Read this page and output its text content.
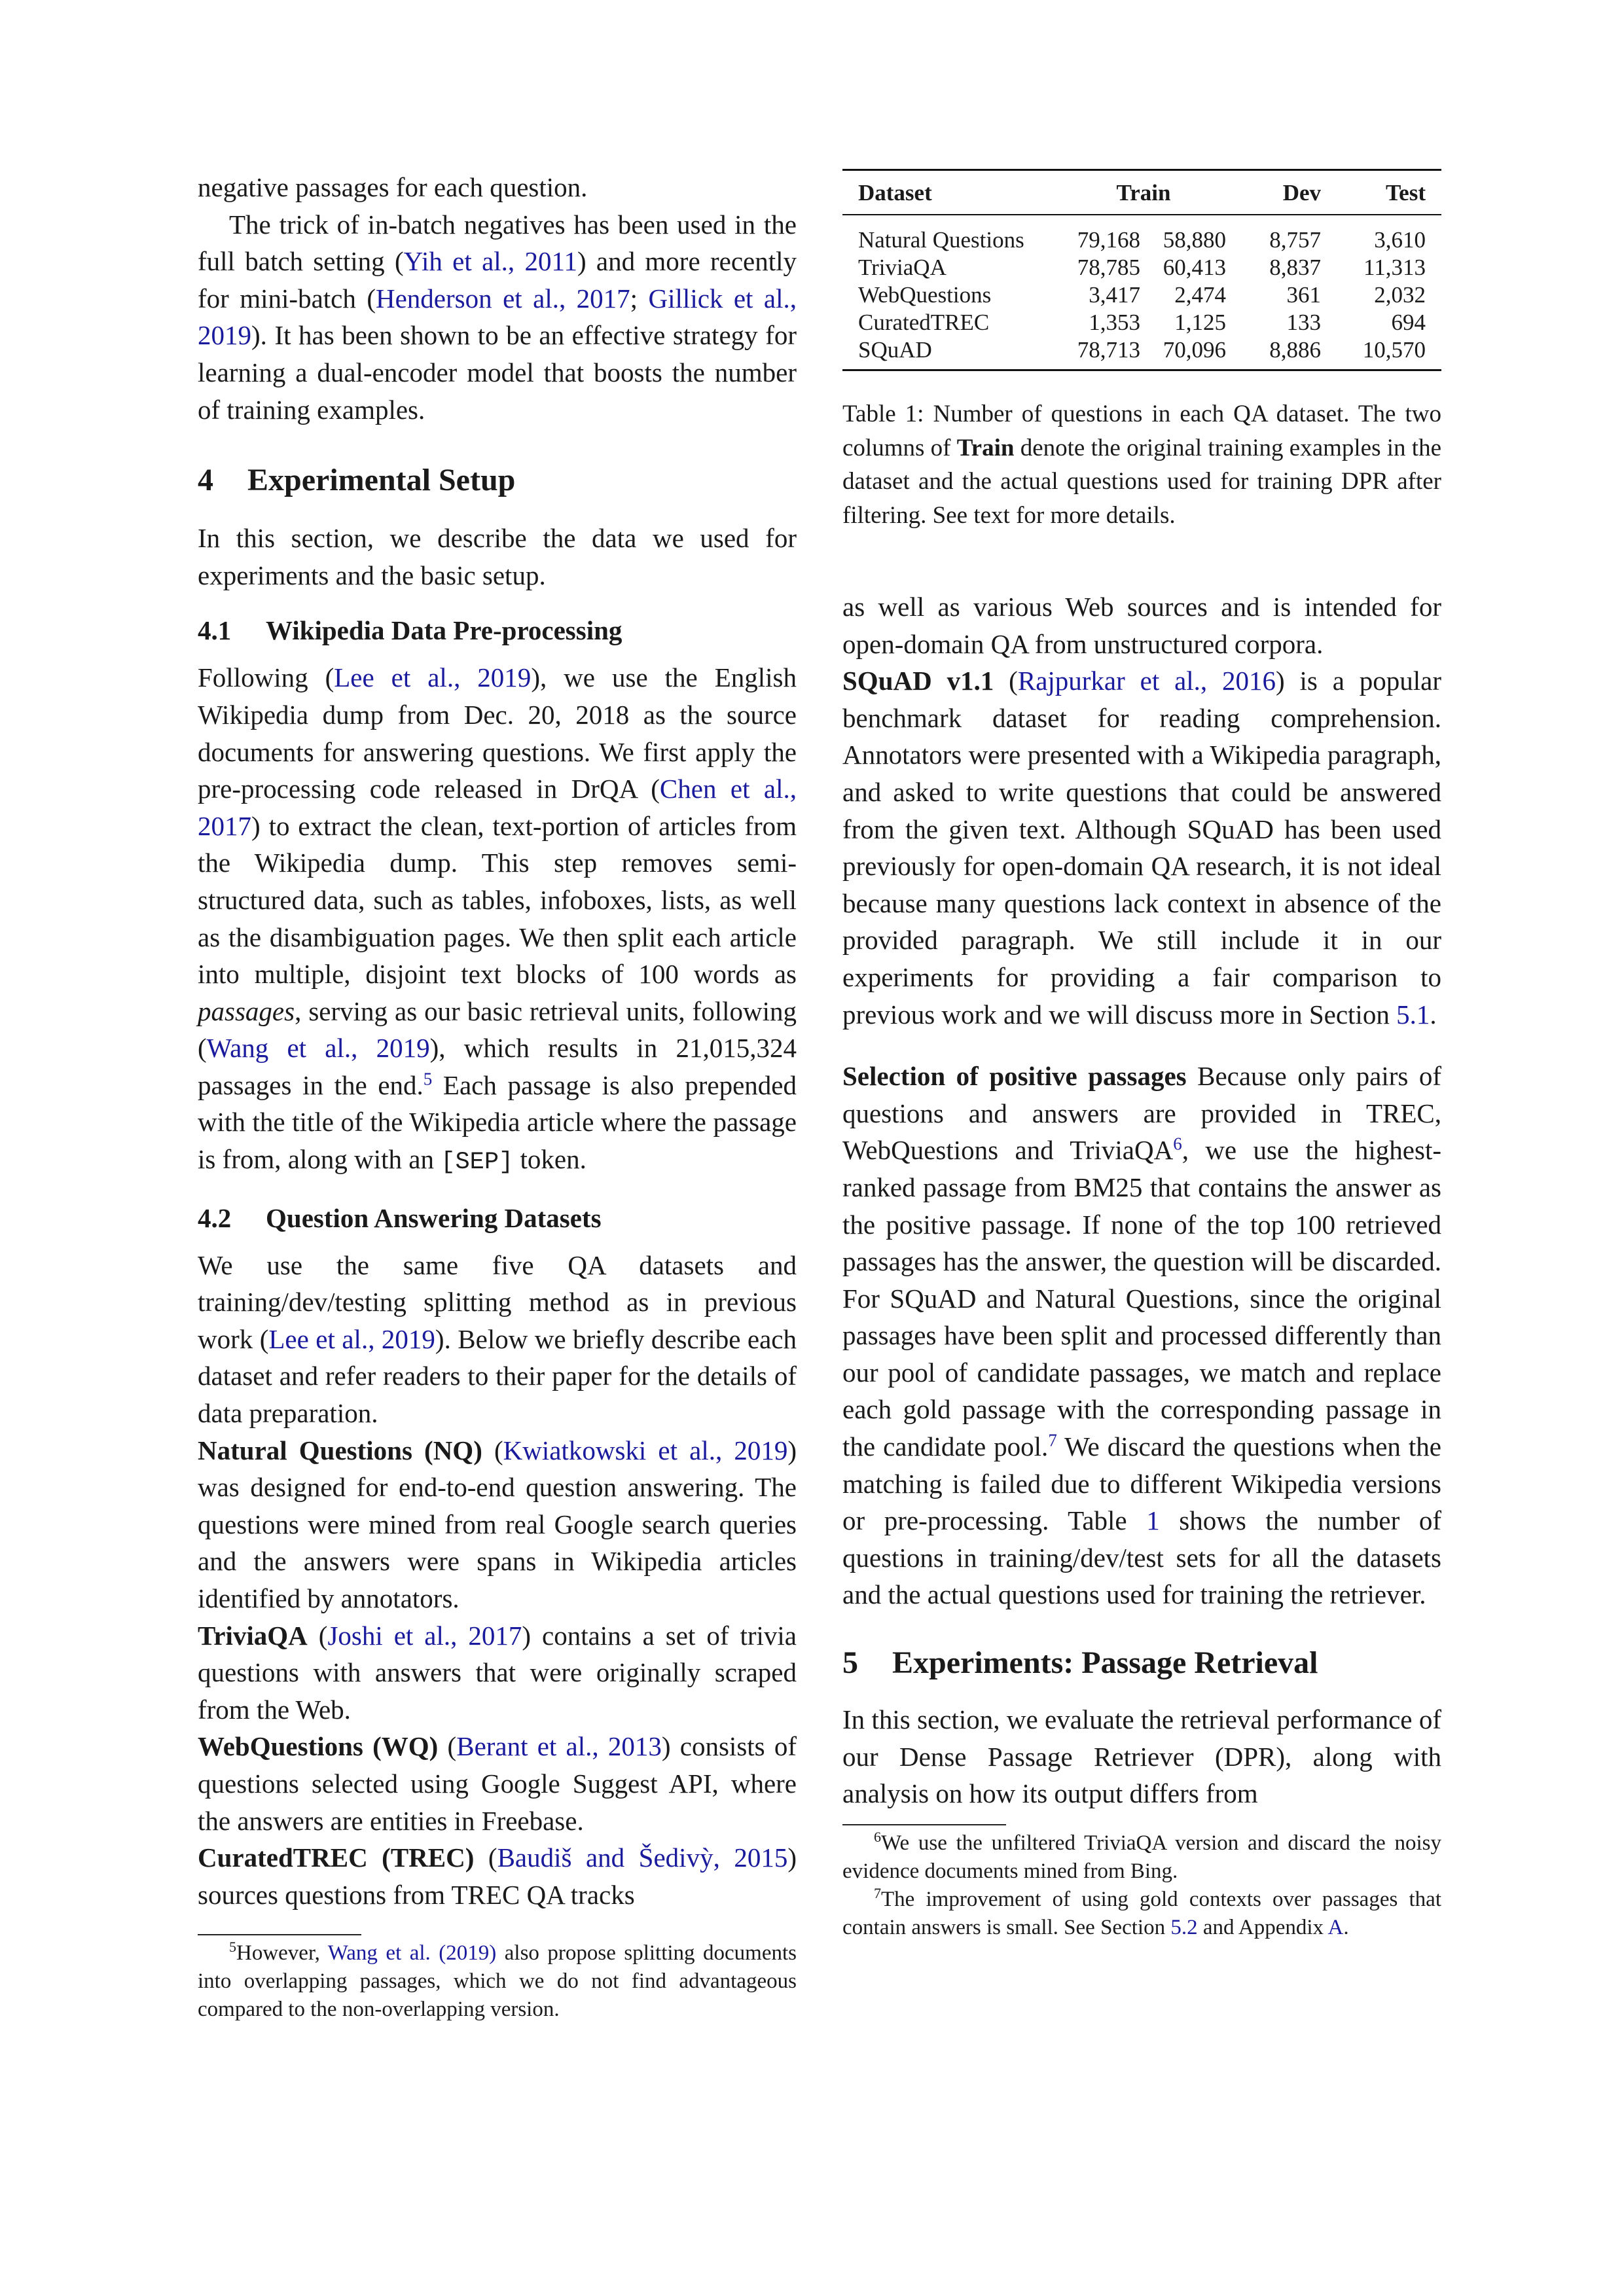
negative passages for each question.

The trick of in-batch negatives has been used in the full batch setting (Yih et al., 2011) and more recently for mini-batch (Henderson et al., 2017; Gillick et al., 2019). It has been shown to be an effective strategy for learning a dual-encoder model that boosts the number of training examples.

4 Experimental Setup

In this section, we describe the data we used for experiments and the basic setup.

4.1 Wikipedia Data Pre-processing

Following (Lee et al., 2019), we use the English Wikipedia dump from Dec. 20, 2018 as the source documents for answering questions. We first apply the pre-processing code released in DrQA (Chen et al., 2017) to extract the clean, text-portion of articles from the Wikipedia dump. This step removes semi-structured data, such as tables, infoboxes, lists, as well as the disambiguation pages. We then split each article into multiple, disjoint text blocks of 100 words as passages, serving as our basic retrieval units, following (Wang et al., 2019), which results in 21,015,324 passages in the end.$^5$ Each passage is also prepended with the title of the Wikipedia article where the passage is from, along with an [SEP] token.

4.2 Question Answering Datasets

We use the same five QA datasets and training/dev/testing splitting method as in previous work (Lee et al., 2019). Below we briefly describe each dataset and refer readers to their paper for the details of data preparation.

Natural Questions (NQ) (Kwiatkowski et al., 2019) was designed for end-to-end question answering. The questions were mined from real Google search queries and the answers were spans in Wikipedia articles identified by annotators.

TriviaQA (Joshi et al., 2017) contains a set of trivia questions with answers that were originally scraped from the Web.

WebQuestions (WQ) (Berant et al., 2013) consists of questions selected using Google Suggest API, where the answers are entities in Freebase.

CuratedTREC (TREC) (Baudiš and Šedivỳ, 2015) sources questions from TREC QA tracks

$^5$However, Wang et al. (2019) also propose splitting documents into overlapping passages, which we do not find advantageous compared to the non-overlapping version.

Dataset	Train		Dev	Test

Natural Questions	79,168	58,880	8,757	3,610
TriviaQA	78,785	60,413	8,837	11,313
WebQuestions	3,417	2,474	361	2,032
CuratedTREC	1,353	1,125	133	694
SQuAD	78,713	70,096	8,886	10,570

Table 1: Number of questions in each QA dataset. The two columns of Train denote the original training examples in the dataset and the actual questions used for training DPR after filtering. See text for more details.

as well as various Web sources and is intended for open-domain QA from unstructured corpora.

SQuAD v1.1 (Rajpurkar et al., 2016) is a popular benchmark dataset for reading comprehension. Annotators were presented with a Wikipedia paragraph, and asked to write questions that could be answered from the given text. Although SQuAD has been used previously for open-domain QA research, it is not ideal because many questions lack context in absence of the provided paragraph. We still include it in our experiments for providing a fair comparison to previous work and we will discuss more in Section 5.1.

Selection of positive passages Because only pairs of questions and answers are provided in TREC, WebQuestions and TriviaQA$^6$, we use the highest-ranked passage from BM25 that contains the answer as the positive passage. If none of the top 100 retrieved passages has the answer, the question will be discarded. For SQuAD and Natural Questions, since the original passages have been split and processed differently than our pool of candidate passages, we match and replace each gold passage with the corresponding passage in the candidate pool.$^7$ We discard the questions when the matching is failed due to different Wikipedia versions or pre-processing. Table 1 shows the number of questions in training/dev/test sets for all the datasets and the actual questions used for training the retriever.

5 Experiments: Passage Retrieval

In this section, we evaluate the retrieval performance of our Dense Passage Retriever (DPR), along with analysis on how its output differs from

$^6$We use the unfiltered TriviaQA version and discard the noisy evidence documents mined from Bing.

$^7$The improvement of using gold contexts over passages that contain answers is small. See Section 5.2 and Appendix A.
